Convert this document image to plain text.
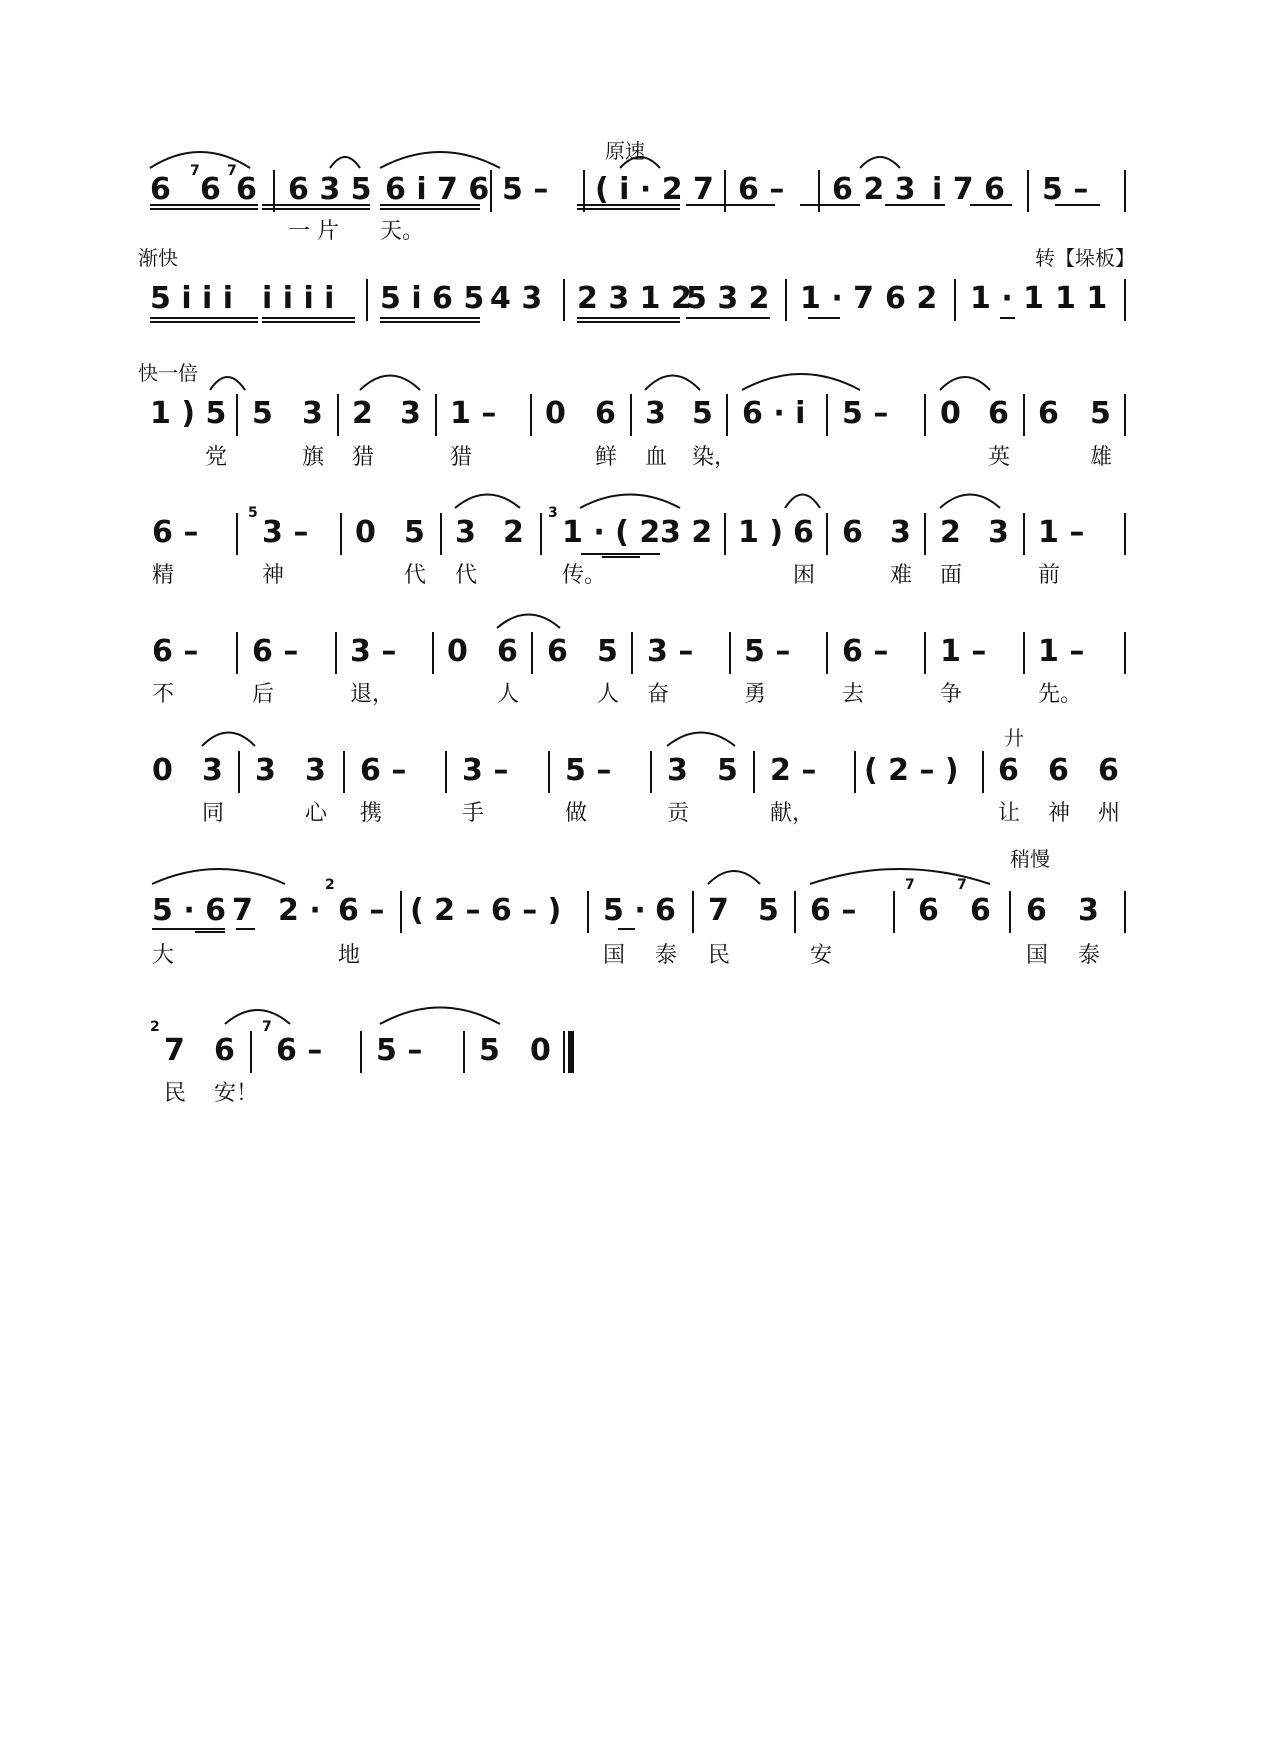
原速
6
7
6
7
6 6 3 5 6 i 7 6 5 – ( i · 2 7 6 – 6 2 3 i 7 6 5 –
一 片 天。
渐快	转【垛板】
5 i i i i i i i 5 i 6 5 4 3 2 3 1 2
5 3 2 1 · 7 6 2 1 · 1 1 1
快一倍
1 ) 5 5 3 2 3 1 – 0 6 3 5 6 · i 5 – 0 6 6 5
党	旗 猎	猎	鲜 血 染，	英	雄
6 –
5
3 – 0 5 3 2
3
1 · ( 2 3 2 1 ) 6 6 3 2 3 1 –
精	神	代 代	传。	困	难 面	前
6 – 6 – 3 – 0 6 6 5 3 – 5 – 6 – 1 – 1 –
不	后	退，	人	人 奋	勇	去	争	先。
廾
0 3 3 3 6 – 3 – 5 – 3 5 2 – ( 2 – ) 6 6 6
同	心 携	手	做	贡	献，	让 神 州
稍慢
5 · 6 7 2 ·
2
6 – ( 2 – 6 – ) 5 · 6 7 5 6 –
7
6
7
6 6 3
大	地	国 泰 民	安	国 泰
2
7 6
7
6 – 5 – 5 0
民 安！
